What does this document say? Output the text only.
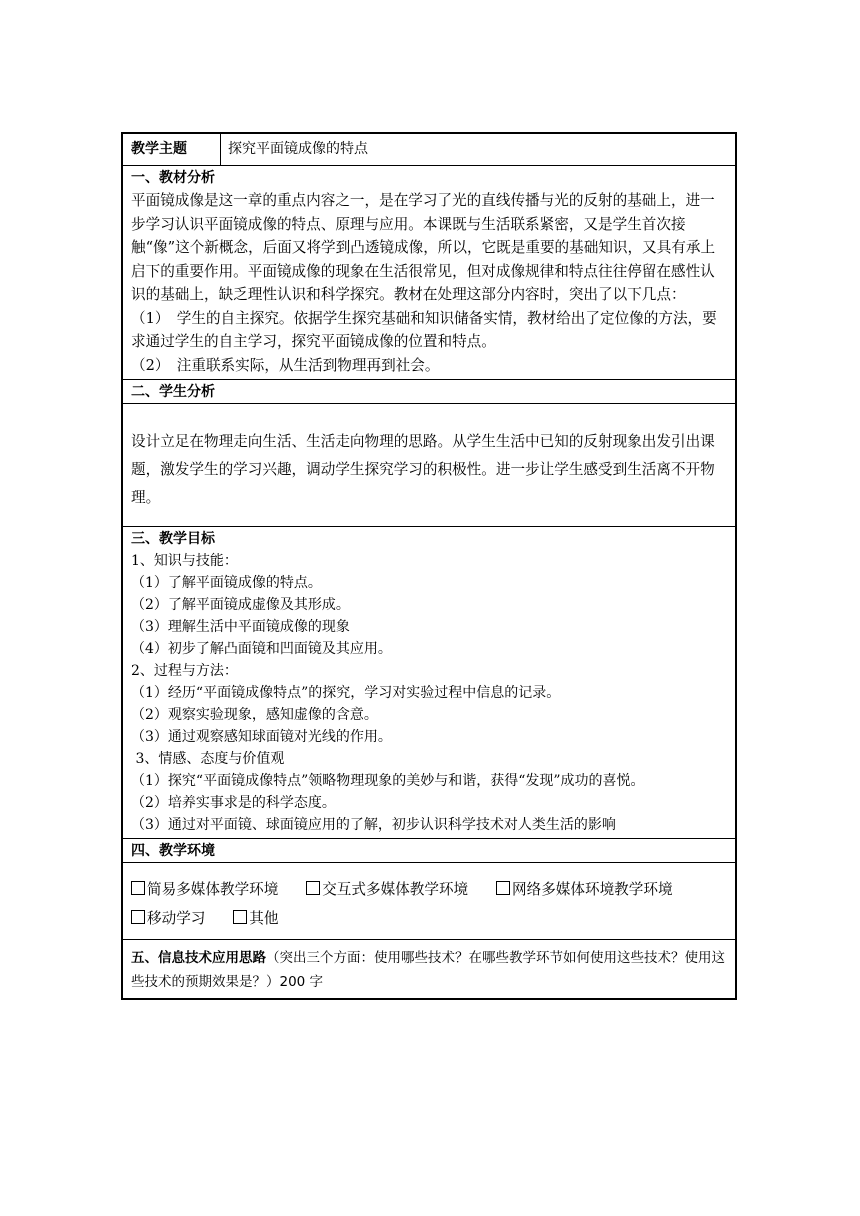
教学主题	探究平面镜成像的特点
一、教材分析

平面镜成像是这一章的重点内容之一，是在学习了光的直线传播与光的反射的基础上，进一步学习认识平面镜成像的特点、原理与应用。本课既与生活联系紧密，又是学生首次接触“像”这个新概念，后面又将学到凸透镜成像，所以，它既是重要的基础知识，又具有承上启下的重要作用。平面镜成像的现象在生活很常见，但对成像规律和特点往往停留在感性认识的基础上，缺乏理性认识和科学探究。教材在处理这部分内容时，突出了以下几点：

（1）　学生的自主探究。依据学生探究基础和知识储备实情，教材给出了定位像的方法，要求通过学生的自主学习，探究平面镜成像的位置和特点。

（2）　注重联系实际，从生活到物理再到社会。

二、学生分析
设计立足在物理走向生活、生活走向物理的思路。从学生生活中已知的反射现象出发引出课题，激发学生的学习兴趣，调动学生探究学习的积极性。进一步让学生感受到生活离不开物理。
三、教学目标

1、知识与技能：

（1）了解平面镜成像的特点。

（2）了解平面镜成虚像及其形成。

（3）理解生活中平面镜成像的现象

（4）初步了解凸面镜和凹面镜及其应用。

2、过程与方法：

（1）经历“平面镜成像特点”的探究，学习对实验过程中信息的记录。

（2）观察实验现象，感知虚像的含意。

（3）通过观察感知球面镜对光线的作用。

3、情感、态度与价值观

（1）探究“平面镜成像特点”领略物理现象的美妙与和谐，获得“发现”成功的喜悦。

（2）培养实事求是的科学态度。

（3）通过对平面镜、球面镜应用的了解，初步认识科学技术对人类生活的影响

四、教学环境
简易多媒体教学环境	交互式多媒体教学环境	网络多媒体环境教学环境
移动学习	其他
五、信息技术应用思路（突出三个方面：使用哪些技术？在哪些教学环节如何使用这些技术？使用这些技术的预期效果是？）200 字
